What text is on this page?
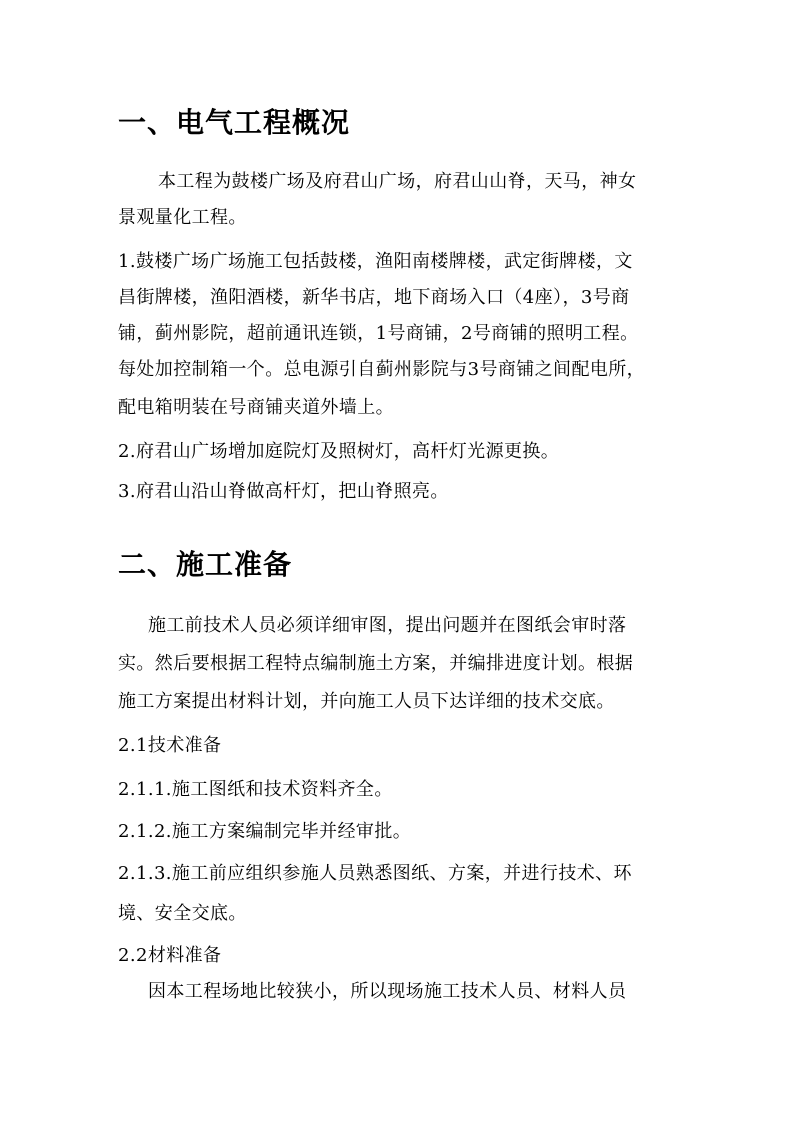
一、电气工程概况
本工程为鼓楼广场及府君山广场，府君山山脊，天马，神女
景观量化工程。
1.鼓楼广场广场施工包括鼓楼，渔阳南楼牌楼，武定街牌楼，文
昌街牌楼，渔阳酒楼，新华书店，地下商场入口（4座），3号商
铺，蓟州影院，超前通讯连锁，1号商铺，2号商铺的照明工程。
每处加控制箱一个。总电源引自蓟州影院与3号商铺之间配电所，
配电箱明装在号商铺夹道外墙上。
2.府君山广场增加庭院灯及照树灯，高杆灯光源更换。
3.府君山沿山脊做高杆灯，把山脊照亮。
二、施工准备
施工前技术人员必须详细审图，提出问题并在图纸会审时落
实。然后要根据工程特点编制施土方案，并编排进度计划。根据
施工方案提出材料计划，并向施工人员下达详细的技术交底。
2.1技术准备
2.1.1.施工图纸和技术资料齐全。
2.1.2.施工方案编制完毕并经审批。
2.1.3.施工前应组织参施人员熟悉图纸、方案，并进行技术、环
境、安全交底。
2.2材料准备
因本工程场地比较狭小，所以现场施工技术人员、材料人员
